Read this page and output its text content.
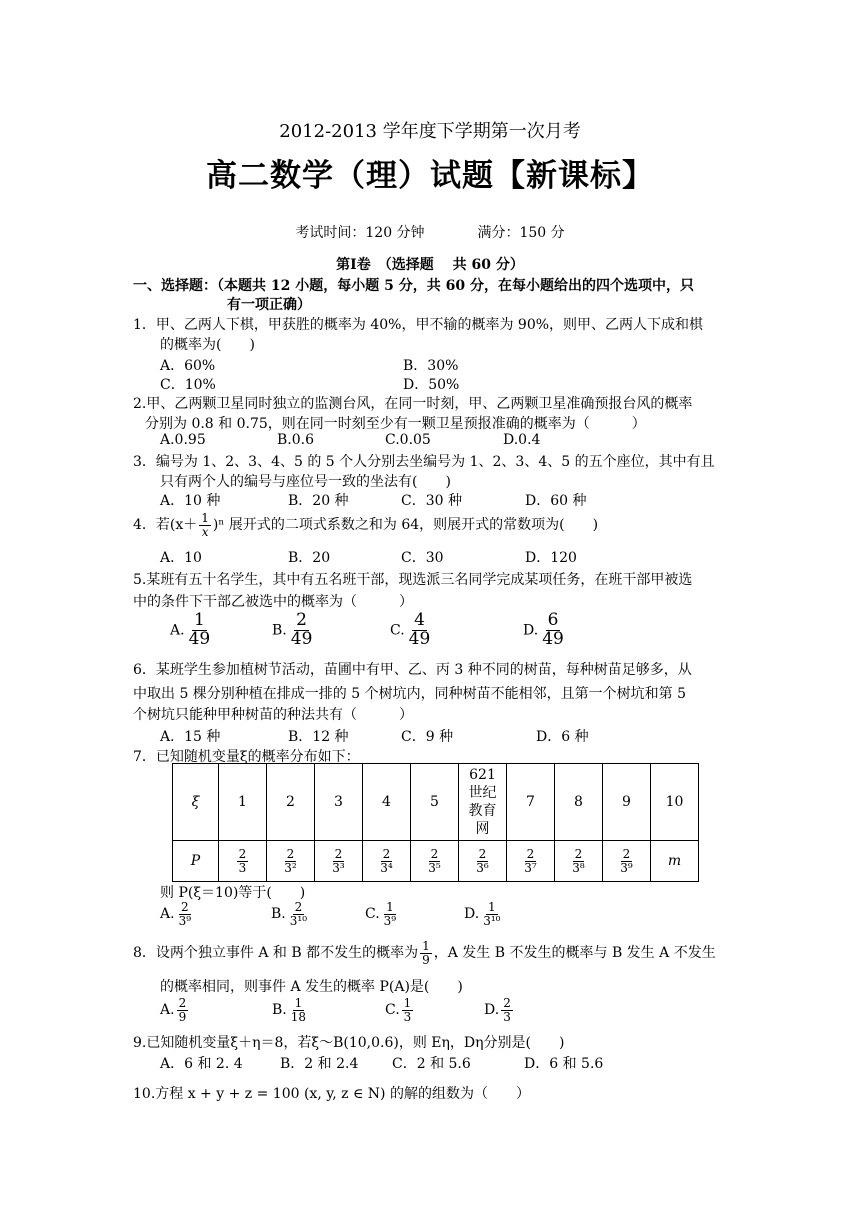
2012-2013 学年度下学期第一次月考
高二数学（理）试题【新课标】
考试时间：120 分钟	满分：150 分
第Ⅰ卷　（选择题　 共 60 分）
一、选择题：（本题共 12 小题，每小题 5 分，共 60 分，在每小题给出的四个选项中，只
有一项正确）
1．甲、乙两人下棋，甲获胜的概率为 40%，甲不输的概率为 90%，则甲、乙两人下成和棋
的概率为(　　)
A．60%	B．30%
C．10%	D．50%
2.甲、乙两颗卫星同时独立的监测台风，在同一时刻，甲、乙两颗卫星准确预报台风的概率
分别为 0.8 和 0.75，则在同一时刻至少有一颗卫星预报准确的概率为（　　　）
A.0.95	B.0.6	C.0.05	D.0.4
3．编号为 1、2、3、4、5 的 5 个人分别去坐编号为 1、2、3、4、5 的五个座位，其中有且
只有两个人的编号与座位号一致的坐法有(　　)
A．10 种	B．20 种	C．30 种	D．60 种
4．若$(x+ \frac{1}{x} )^n$ 展开式的二项式系数之和为 64，则展开式的常数项为(　　)
A．10	B．20	C．30	D．120
5.某班有五十名学生，其中有五名班干部，现选派三名同学完成某项任务，在班干部甲被选
中的条件下干部乙被选中的概率为（　　　）
A. $\frac{1}{49}$	B. $\frac{2}{49}$	C. $\frac{4}{49}$	D. $\frac{6}{49}$
6．某班学生参加植树节活动，苗圃中有甲、乙、丙 3 种不同的树苗，每种树苗足够多，从
中取出 5 棵分别种植在排成一排的 5 个树坑内，同种树苗不能相邻，且第一个树坑和第 5
个树坑只能种甲种树苗的种法共有（　　　）
A．15 种	B．12 种	C．9 种	D．6 种
7．已知随机变量ξ的概率分布如下：
ξ	1	2	3	4	5	621
世纪
教育
网	7	8	9	10
P	$\frac{2}{3}$	$\frac{2}{\text{3²}}$	$\frac{2}{\text{3³}}$	$\frac{2}{\text{3⁴}}$	$\frac{2}{\text{3⁵}}$	$\frac{2}{\text{3⁶}}$	$\frac{2}{\text{3⁷}}$	$\frac{2}{\text{3⁸}}$	$\frac{2}{\text{3⁹}}$	m
则 P(ξ＝10)等于(　　)
A. $\frac{2}{\text{3⁹}}$	B. $\frac{2}{\text{3¹⁰}}$	C. $\frac{1}{\text{3⁹}}$	D. $\frac{1}{\text{3¹⁰}}$
8．设两个独立事件 A 和 B 都不发生的概率为 $\frac{1}{9}$ ，A 发生 B 不发生的概率与 B 发生 A 不发生
的概率相同，则事件 A 发生的概率 P(A)是(　　)
A. $\frac{2}{9}$	B. $\frac{1}{18}$	C. $\frac{1}{3}$	D. $\frac{2}{3}$
9.已知随机变量ξ＋η＝8，若ξ～B(10,0.6)，则 Eη，Dη分别是(　　)
A．6 和 2. 4	B．2 和 2.4 C．2 和 5.6	D．6 和 5.6
10.方程 x + y + z = 100 (x, y, z ∈ N) 的解的组数为（　　）
